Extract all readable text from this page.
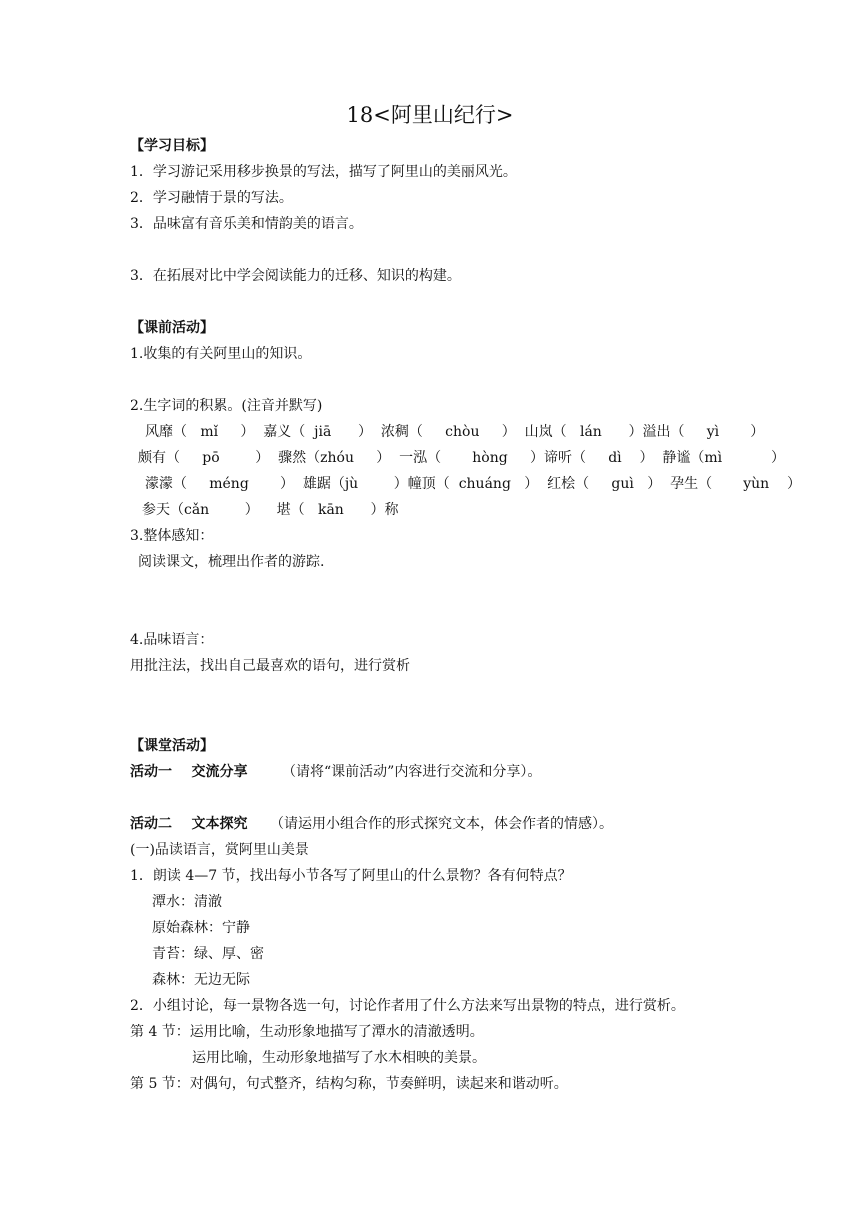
18<阿里山纪行>
【学习目标】
1．学习游记采用移步换景的写法，描写了阿里山的美丽风光。
2．学习融情于景的写法。
3．品味富有音乐美和情韵美的语言。
3．在拓展对比中学会阅读能力的迁移、知识的构建。
【课前活动】
1.收集的有关阿里山的知识。
2.生字词的积累。(注音并默写)
风靡（   mǐ     ）  嘉义（  jiā      ）  浓稠（     chòu     ）  山岚（   lán      ）溢出（     yì       ）
颇有（     pō        ）  骤然（zhóu     ）  一泓（       hòng     ）谛听（     dì    ）  静谧（mì           ）
濛濛（     méng       ）  雄踞（jù        ）幢顶（  chuáng   ）  红桧（     guì   ）  孕生（       yùn    ）
参天（cǎn        ）    堪（   kān      ）称
3.整体感知：
阅读课文，梳理出作者的游踪.
4.品味语言：
用批注法，找出自己最喜欢的语句，进行赏析
【课堂活动】
活动一    交流分享 （请将“课前活动”内容进行交流和分享）。
活动二    文本探究 （请运用小组合作的形式探究文本，体会作者的情感）。
(一)品读语言，赏阿里山美景
1．朗读 4—7 节，找出每小节各写了阿里山的什么景物？各有何特点？
潭水：清澈
原始森林：宁静
青苔：绿、厚、密
森林：无边无际
2．小组讨论，每一景物各选一句，讨论作者用了什么方法来写出景物的特点，进行赏析。
第 4 节：运用比喻，生动形象地描写了潭水的清澈透明。
运用比喻，生动形象地描写了水木相映的美景。
第 5 节：对偶句，句式整齐，结构匀称，节奏鲜明，读起来和谐动听。
